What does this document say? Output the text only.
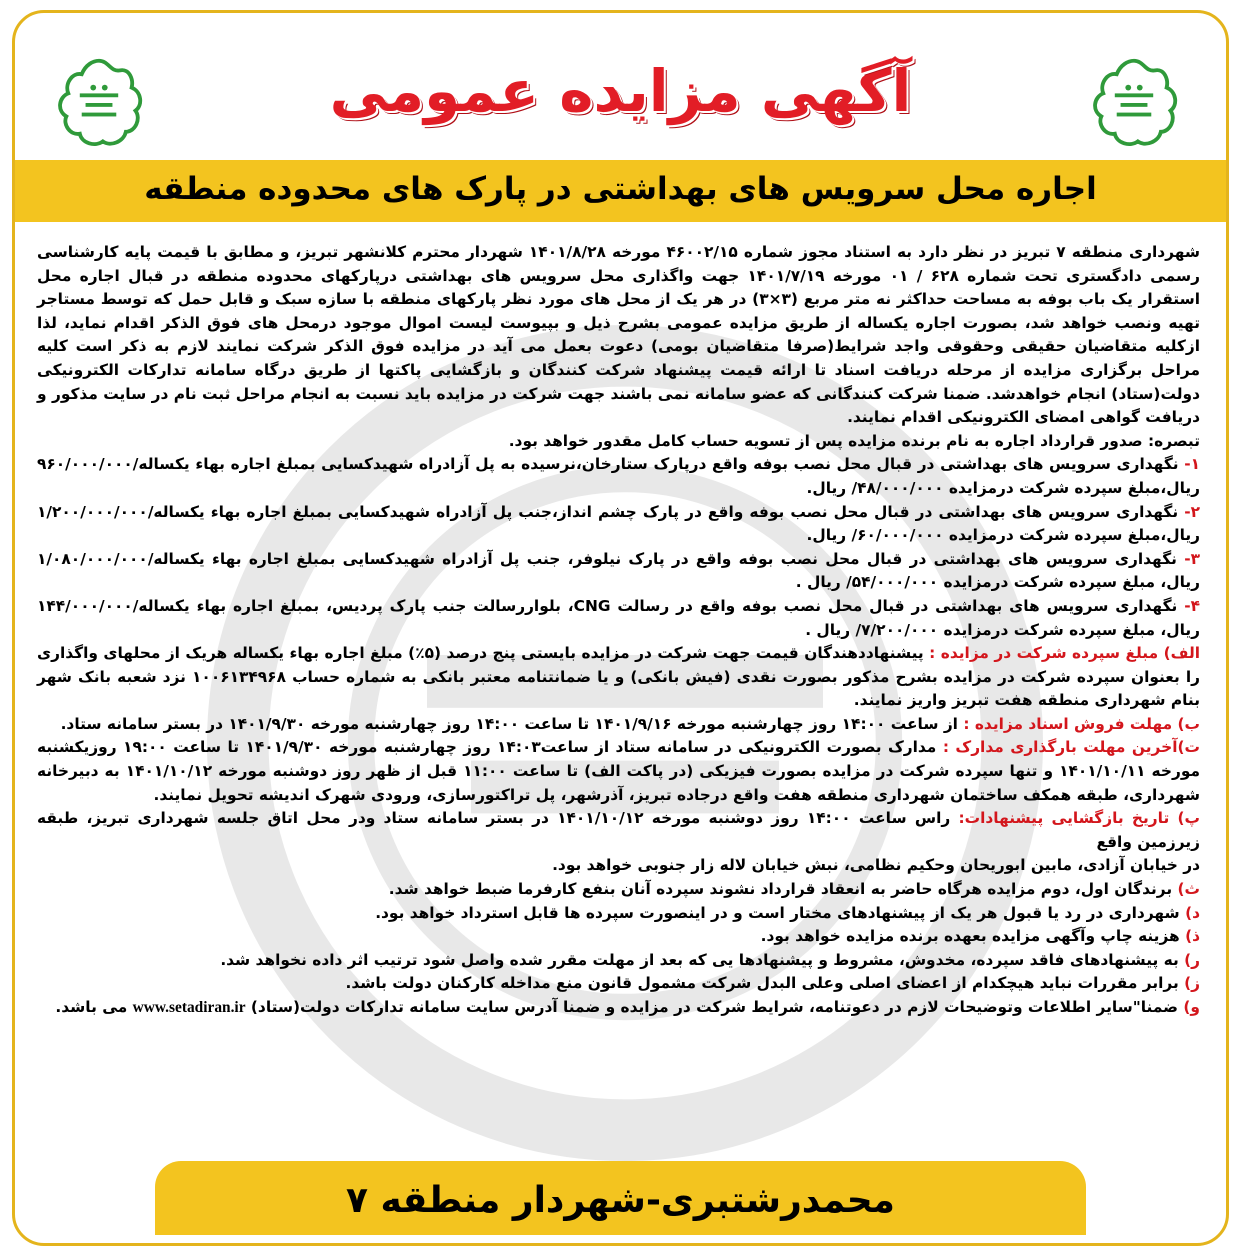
آگهی مزایده عمومی
اجاره محل سرویس های بهداشتی در پارک های محدوده منطقه

شهرداری منطقه ۷ تبریز در نظر دارد به استناد مجوز شماره ۴۶۰۰۲/۱۵ مورخه ۱۴۰۱/۸/۲۸ شهردار محترم کلانشهر تبریز، و مطابق با قیمت پایه کارشناسی رسمی دادگستری تحت شماره ۶۲۸ / ۰۱ مورخه ۱۴۰۱/۷/۱۹ جهت واگذاری محل سرویس های بهداشتی درپارکهای محدوده منطقه در قبال اجاره محل استقرار یک باب بوفه به مساحت حداکثر نه متر مربع (۳×۳) در هر یک از محل های مورد نظر پارکهای منطقه با سازه سبک و قابل حمل که توسط مستاجر تهیه ونصب خواهد شد، بصورت اجاره یکساله از طریق مزایده عمومی بشرح ذیل و بپیوست لیست اموال موجود درمحل های فوق الذکر اقدام نماید، لذا ازکلیه متقاضیان حقیقی وحقوقی واجد شرایط(صرفا متقاضیان بومی) دعوت بعمل می آید در مزایده فوق الذکر شرکت نمایند لازم به ذکر است کلیه مراحل برگزاری مزایده از مرحله دریافت اسناد تا ارائه قیمت پیشنهاد شرکت کنندگان و بازگشایی پاکتها از طریق درگاه سامانه تدارکات الکترونیکی دولت(ستاد) انجام خواهدشد. ضمنا شرکت کنندگانی که عضو سامانه نمی باشند جهت شرکت در مزایده باید نسبت به انجام مراحل ثبت نام در سایت مذکور و دریافت گواهی امضای الکترونیکی اقدام نمایند.

تبصره: صدور قرارداد اجاره به نام برنده مزایده پس از تسویه حساب کامل مقدور خواهد بود.

۱- نگهداری سرویس های بهداشتی در قبال محل نصب بوفه واقع درپارک ستارخان،نرسیده به پل آزادراه شهیدکسایی بمبلغ اجاره بهاء یکساله/۹۶۰/۰۰۰/۰۰۰ ریال،مبلغ سپرده شرکت درمزایده ۴۸/۰۰۰/۰۰۰/ ریال.

۲- نگهداری سرویس های بهداشتی در قبال محل نصب بوفه واقع در پارک چشم انداز،جنب پل آزادراه شهیدکسایی بمبلغ اجاره بهاء یکساله/۱/۲۰۰/۰۰۰/۰۰۰ ریال،مبلغ سپرده شرکت درمزایده ۶۰/۰۰۰/۰۰۰/ ریال.

۳- نگهداری سرویس های بهداشتی در قبال محل نصب بوفه واقع در پارک نیلوفر، جنب پل آزادراه شهیدکسایی بمبلغ اجاره بهاء یکساله/۱/۰۸۰/۰۰۰/۰۰۰ ریال، مبلغ سپرده شرکت درمزایده ۵۴/۰۰۰/۰۰۰/ ریال .

۴- نگهداری سرویس های بهداشتی در قبال محل نصب بوفه واقع در رسالت CNG، بلواررسالت جنب پارک پردیس، بمبلغ اجاره بهاء یکساله/۱۴۴/۰۰۰/۰۰۰ ریال، مبلغ سپرده شرکت درمزایده ۷/۲۰۰/۰۰۰/ ریال .

الف) مبلغ سپرده شرکت در مزایده : پیشنهاددهندگان قیمت جهت شرکت در مزایده بایستی پنج درصد (۵٪) مبلغ اجاره بهاء یکساله هریک از محلهای واگذاری را بعنوان سپرده شرکت در مزایده بشرح مذکور بصورت نقدی (فیش بانکی) و یا ضمانتنامه معتبر بانکی به شماره حساب ۱۰۰۶۱۳۴۹۶۸ نزد شعبه بانک شهر بنام شهرداری منطقه هفت تبریز واریز نمایند.

ب) مهلت فروش اسناد مزایده : از ساعت ۱۴:۰۰ روز چهارشنبه مورخه ۱۴۰۱/۹/۱۶ تا ساعت ۱۴:۰۰ روز چهارشنبه مورخه ۱۴۰۱/۹/۳۰ در بستر سامانه ستاد.

ت)آخرین مهلت بارگذاری مدارک : مدارک بصورت الکترونیکی در سامانه ستاد از ساعت۱۴:۰۳ روز چهارشنبه مورخه ۱۴۰۱/۹/۳۰ تا ساعت ۱۹:۰۰ روزیکشنبه مورخه ۱۴۰۱/۱۰/۱۱ و تنها سپرده شرکت در مزایده بصورت فیزیکی (در پاکت الف) تا ساعت ۱۱:۰۰ قبل از ظهر روز دوشنبه مورخه ۱۴۰۱/۱۰/۱۲ به دبیرخانه شهرداری، طبقه همکف ساختمان شهرداری منطقه هفت واقع درجاده تبریز، آذرشهر، پل تراکتورسازی، ورودی شهرک اندیشه تحویل نمایند.

پ) تاریخ بازگشایی پیشنهادات: راس ساعت ۱۴:۰۰ روز دوشنبه مورخه ۱۴۰۱/۱۰/۱۲ در بستر سامانه ستاد ودر محل اتاق جلسه شهرداری تبریز، طبقه زیرزمین واقع

در خیابان آزادی، مابین ابوریحان وحکیم نظامی، نبش خیابان لاله زار جنوبی خواهد بود.

ث) برندگان اول، دوم مزایده هرگاه حاضر به انعقاد قرارداد نشوند سپرده آنان بنفع کارفرما ضبط خواهد شد.

د) شهرداری در رد یا قبول هر یک از پیشنهادهای مختار است و در اینصورت سپرده ها قابل استرداد خواهد بود.

ذ) هزینه چاپ وآگهی مزایده بعهده برنده مزایده خواهد بود.

ر) به پیشنهادهای فاقد سپرده، مخدوش، مشروط و پیشنهادها یی که بعد از مهلت مقرر شده واصل شود ترتیب اثر داده نخواهد شد.

ز) برابر مقررات نباید هیچکدام از اعضای اصلی وعلی البدل شرکت مشمول قانون منع مداخله کارکنان دولت باشد.

و) ضمنا"سایر اطلاعات وتوضیحات لازم در دعوتنامه، شرایط شرکت در مزایده و ضمنا آدرس سایت سامانه تدارکات دولت(ستاد) www.setadiran.ir می باشد.

محمدرشتبری-شهردار منطقه ۷
